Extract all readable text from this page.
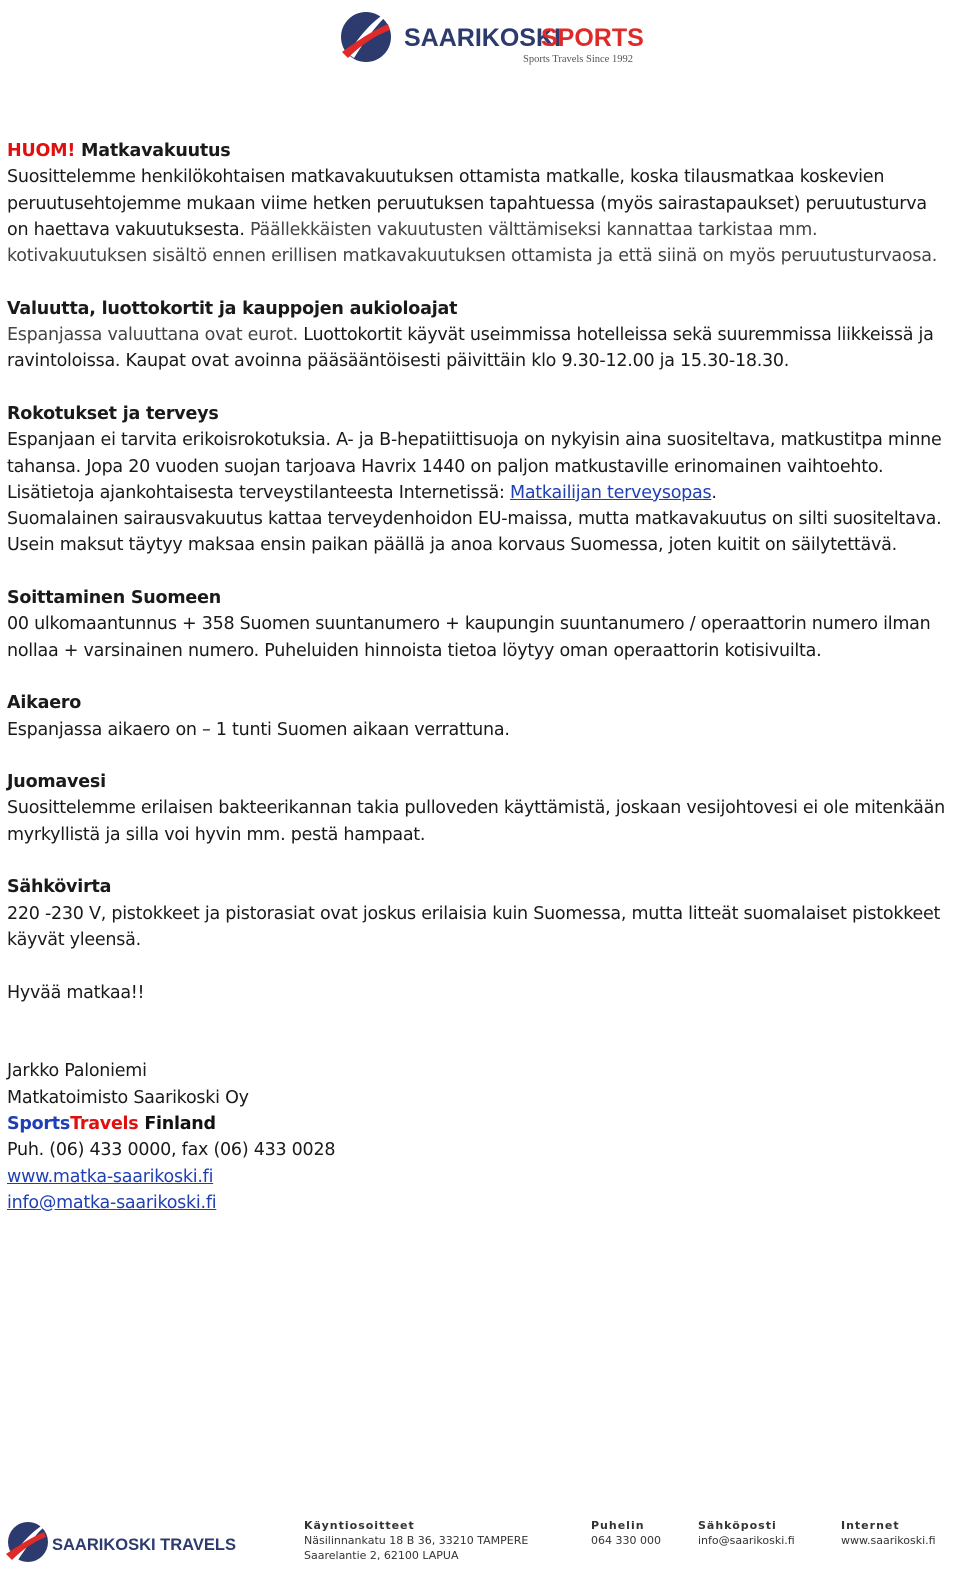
SAARIKOSKI
SPORTS
Sports Travels Since 1992
HUOM! Matkavakuutus

Suosittelemme henkilökohtaisen matkavakuutuksen ottamista matkalle, koska tilausmatkaa koskevien peruutusehtojemme mukaan viime hetken peruutuksen tapahtuessa (myös sairastapaukset) peruutusturva on haettava vakuutuksesta. Päällekkäisten vakuutusten välttämiseksi kannattaa tarkistaa mm. kotivakuutuksen sisältö ennen erillisen matkavakuutuksen ottamista ja että siinä on myös peruutusturvaosa.

Valuutta, luottokortit ja kauppojen aukioloajat

Espanjassa valuuttana ovat eurot. Luottokortit käyvät useimmissa hotelleissa sekä suuremmissa liikkeissä ja ravintoloissa. Kaupat ovat avoinna pääsääntöisesti päivittäin klo 9.30-12.00 ja 15.30-18.30.

Rokotukset ja terveys

Espanjaan ei tarvita erikoisrokotuksia. A- ja B-hepatiittisuoja on nykyisin aina suositeltava, matkustitpa minne tahansa. Jopa 20 vuoden suojan tarjoava Havrix 1440 on paljon matkustaville erinomainen vaihtoehto. Lisätietoja ajankohtaisesta terveystilanteesta Internetissä: Matkailijan terveysopas.

Suomalainen sairausvakuutus kattaa terveydenhoidon EU-maissa, mutta matkavakuutus on silti suositeltava. Usein maksut täytyy maksaa ensin paikan päällä ja anoa korvaus Suomessa, joten kuitit on säilytettävä.

Soittaminen Suomeen

00 ulkomaantunnus + 358 Suomen suuntanumero + kaupungin suuntanumero / operaattorin numero ilman nollaa + varsinainen numero. Puheluiden hinnoista tietoa löytyy oman operaattorin kotisivuilta.

Aikaero

Espanjassa aikaero on – 1 tunti Suomen aikaan verrattuna.

Juomavesi

Suosittelemme erilaisen bakteerikannan takia pulloveden käyttämistä, joskaan vesijohtovesi ei ole mitenkään myrkyllistä ja silla voi hyvin mm. pestä hampaat.

Sähkövirta

220 -230 V, pistokkeet ja pistorasiat ovat joskus erilaisia kuin Suomessa, mutta litteät suomalaiset pistokkeet käyvät yleensä.

Hyvää matkaa!!

Jarkko Paloniemi

Matkatoimisto Saarikoski Oy

SportsTravels Finland

Puh. (06) 433 0000, fax (06) 433 0028

www.matka-saarikoski.fi

info@matka-saarikoski.fi

SAARIKOSKI TRAVELS
Käyntiosoitteet
Näsilinnankatu 18 B 36, 33210 TAMPERE
Saarelantie 2, 62100 LAPUA
Puhelin
064 330 000
Sähköposti
info@saarikoski.fi
Internet
www.saarikoski.fi
